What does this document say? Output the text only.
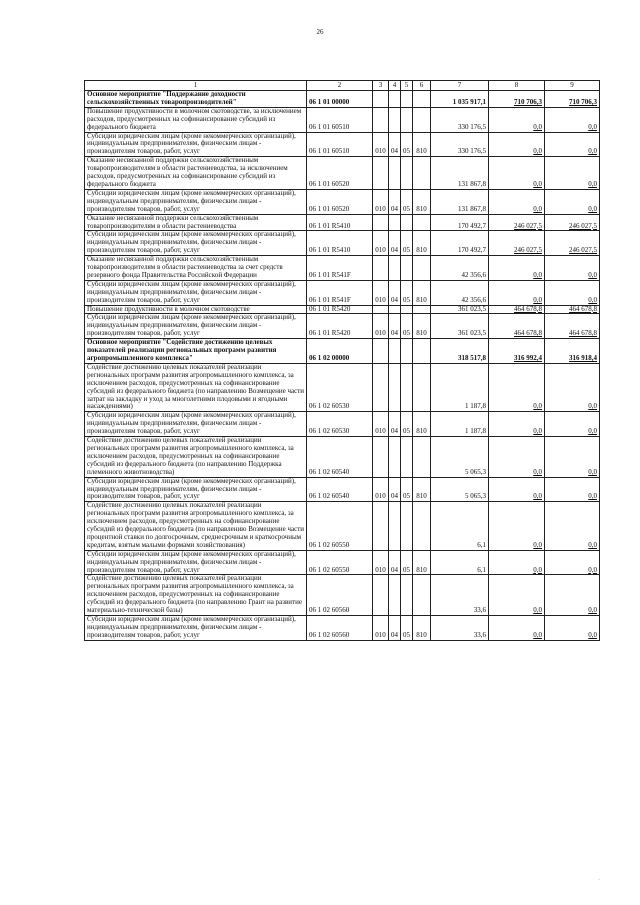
26
1	2	3	4	5	6	7	8	9
Основное мероприятие "Поддержание доходности сельскохозяйственных товаропроизводителей"	06 1 01 00000					1 035 917,1	710 706,3	710 706,3
Повышение продуктивности в молочном скотоводстве, за исключением расходов, предусмотренных на софинансирование субсидий из федерального бюджета	06 1 01 60510					330 176,5	0,0	0,0
Субсидии юридическим лицам (кроме некоммерческих организаций), индивидуальным предпринимателям, физическим лицам - производителям товаров, работ, услуг	06 1 01 60510	010	04	05	810	330 176,5	0,0	0,0
Оказание несвязанной поддержки сельскохозяйственным товаропроизводителям в области растениеводства, за исключением расходов, предусмотренных на софинансирование субсидий из федерального бюджета	06 1 01 60520					131 867,8	0,0	0,0
Субсидии юридическим лицам (кроме некоммерческих организаций), индивидуальным предпринимателям, физическим лицам - производителям товаров, работ, услуг	06 1 01 60520	010	04	05	810	131 867,8	0,0	0,0
Оказание несвязанной поддержки сельскохозяйственным товаропроизводителям в области растениеводства	06 1 01 R5410					170 492,7	246 027,5	246 027,5
Субсидии юридическим лицам (кроме некоммерческих организаций), индивидуальным предпринимателям, физическим лицам - производителям товаров, работ, услуг	06 1 01 R5410	010	04	05	810	170 492,7	246 027,5	246 027,5
Оказание несвязанной поддержки сельскохозяйственным товаропроизводителям в области растениеводства за счет средств резервного фонда Правительства Российской Федерации	06 1 01 R541F					42 356,6	0,0	0,0
Субсидии юридическим лицам (кроме некоммерческих организаций), индивидуальным предпринимателям, физическим лицам - производителям товаров, работ, услуг	06 1 01 R541F	010	04	05	810	42 356,6	0,0	0,0
Повышение продуктивности в молочном скотоводстве	06 1 01 R5420					361 023,5	464 678,8	464 678,8
Субсидии юридическим лицам (кроме некоммерческих организаций), индивидуальным предпринимателям, физическим лицам - производителям товаров, работ, услуг	06 1 01 R5420	010	04	05	810	361 023,5	464 678,8	464 678,8
Основное мероприятие "Содействие достижению целевых показателей реализации региональных программ развития агропромышленного комплекса"	06 1 02 00000					318 517,8	316 992,4	316 918,4
Содействие достижению целевых показателей реализации региональных программ развития агропромышленного комплекса, за исключением расходов, предусмотренных на софинансирование субсидий из федерального бюджета (по направлению Возмещение части затрат на закладку и уход за многолетними плодовыми и ягодными насаждениями)	06 1 02 60530					1 187,8	0,0	0,0
Субсидии юридическим лицам (кроме некоммерческих организаций), индивидуальным предпринимателям, физическим лицам - производителям товаров, работ, услуг	06 1 02 60530	010	04	05	810	1 187,8	0,0	0,0
Содействие достижению целевых показателей реализации региональных программ развития агропромышленного комплекса, за исключением расходов, предусмотренных на софинансирование субсидий из федерального бюджета (по направлению Поддержка племенного животноводства)	06 1 02 60540					5 065,3	0,0	0,0
Субсидии юридическим лицам (кроме некоммерческих организаций), индивидуальным предпринимателям, физическим лицам - производителям товаров, работ, услуг	06 1 02 60540	010	04	05	810	5 065,3	0,0	0,0
Содействие достижению целевых показателей реализации региональных программ развития агропромышленного комплекса, за исключением расходов, предусмотренных на софинансирование субсидий из федерального бюджета (по направлению Возмещение части процентной ставки по долгосрочным, среднесрочным и краткосрочным кредитам, взятым малыми формами хозяйствования)	06 1 02 60550					6,1	0,0	0,0
Субсидии юридическим лицам (кроме некоммерческих организаций), индивидуальным предпринимателям, физическим лицам - производителям товаров, работ, услуг	06 1 02 60550	010	04	05	810	6,1	0,0	0,0
Содействие достижению целевых показателей реализации региональных программ развития агропромышленного комплекса, за исключением расходов, предусмотренных на софинансирование субсидий из федерального бюджета (по направлению Грант на развитие материально-технической базы)	06 1 02 60560					33,6	0,0	0,0
Субсидии юридическим лицам (кроме некоммерческих организаций), индивидуальным предпринимателям, физическим лицам - производителям товаров, работ, услуг	06 1 02 60560	010	04	05	810	33,6	0,0	0,0
·
